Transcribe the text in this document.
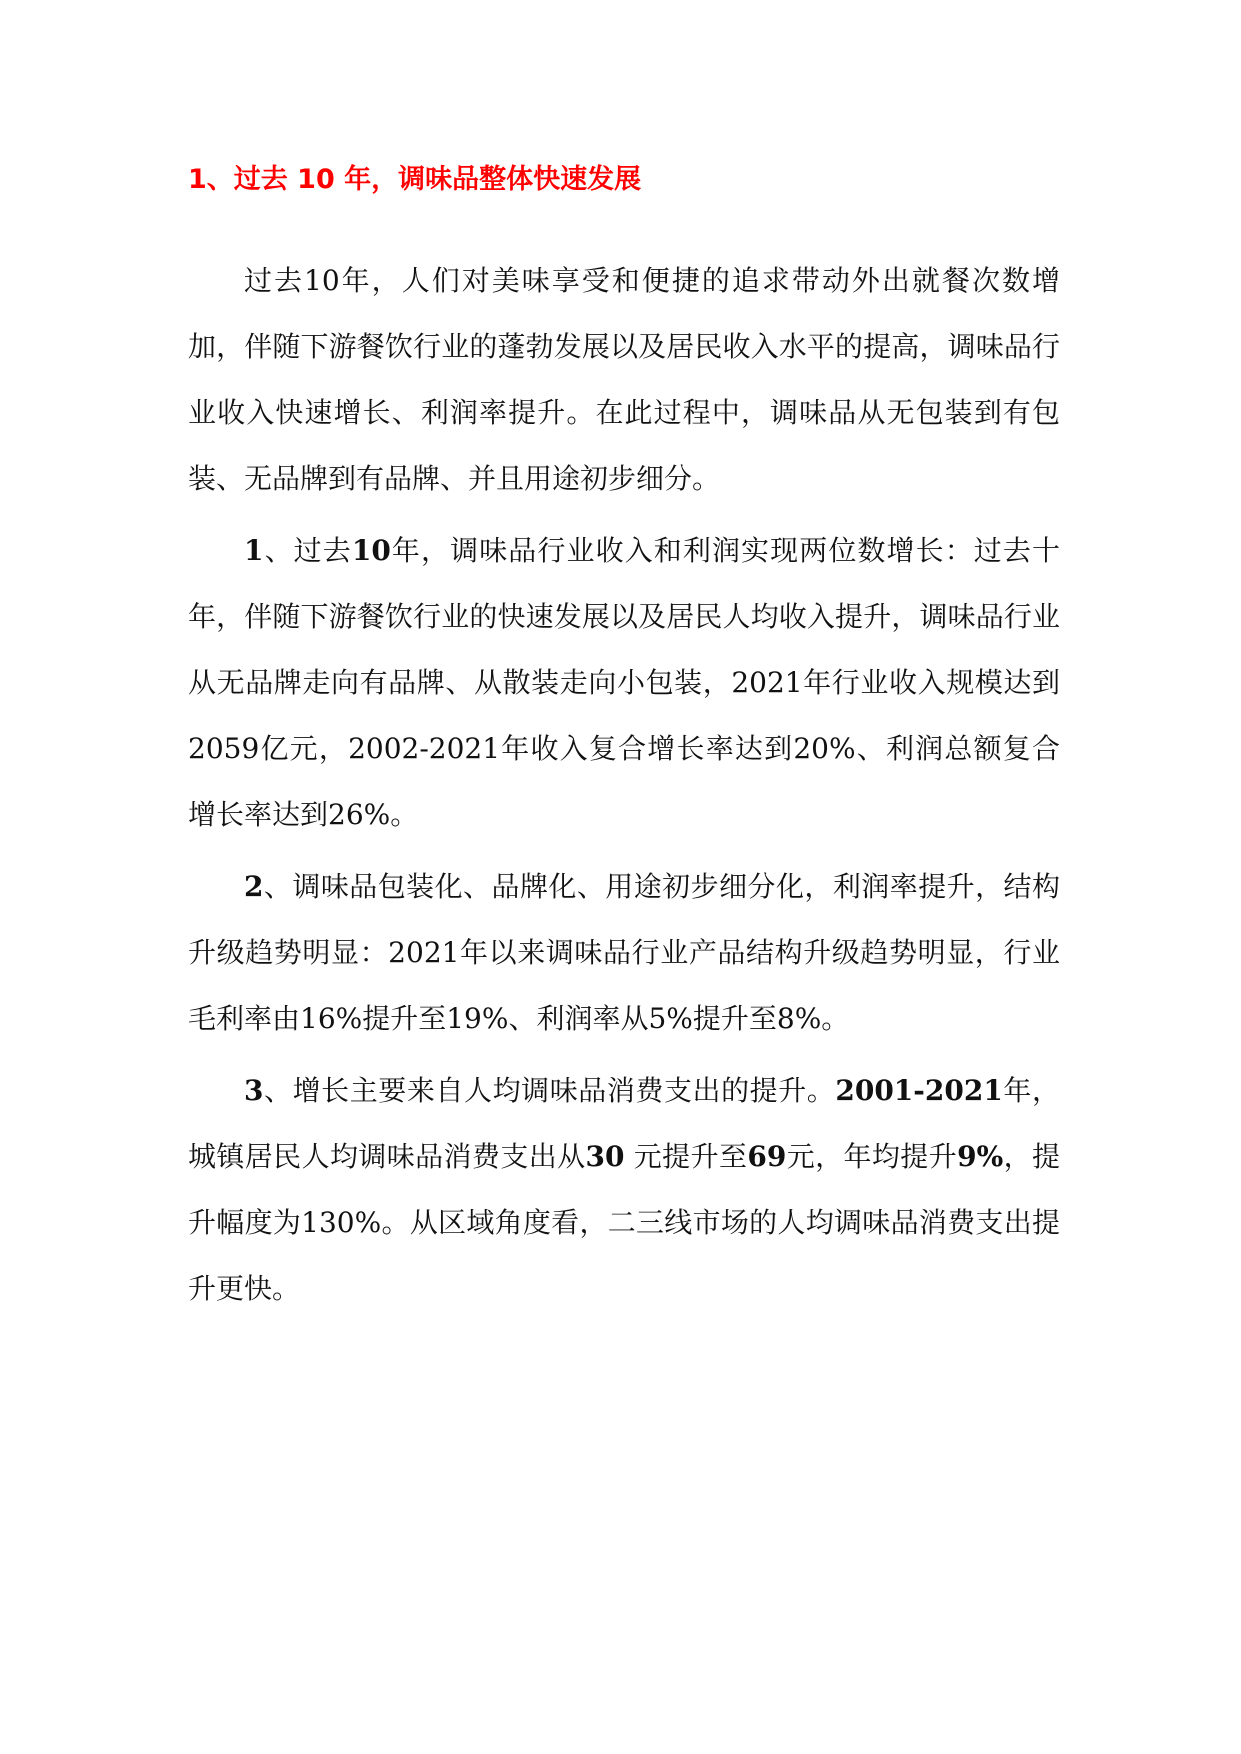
1、过去 10 年，调味品整体快速发展

过去10年，人们对美味享受和便捷的追求带动外出就餐次数增加，伴随下游餐饮行业的蓬勃发展以及居民收入水平的提高，调味品行业收入快速增长、利润率提升。在此过程中，调味品从无包装到有包装、无品牌到有品牌、并且用途初步细分。

1、过去10年，调味品行业收入和利润实现两位数增长：过去十年，伴随下游餐饮行业的快速发展以及居民人均收入提升，调味品行业从无品牌走向有品牌、从散装走向小包装，2021年行业收入规模达到2059亿元，2002-2021年收入复合增长率达到20%、利润总额复合增长率达到26%。

2、调味品包装化、品牌化、用途初步细分化，利润率提升，结构升级趋势明显：2021年以来调味品行业产品结构升级趋势明显，行业毛利率由16%提升至19%、利润率从5%提升至8%。

3、增长主要来自人均调味品消费支出的提升。2001-2021年，城镇居民人均调味品消费支出从30 元提升至69元，年均提升9%，提升幅度为130%。从区域角度看，二三线市场的人均调味品消费支出提升更快。
